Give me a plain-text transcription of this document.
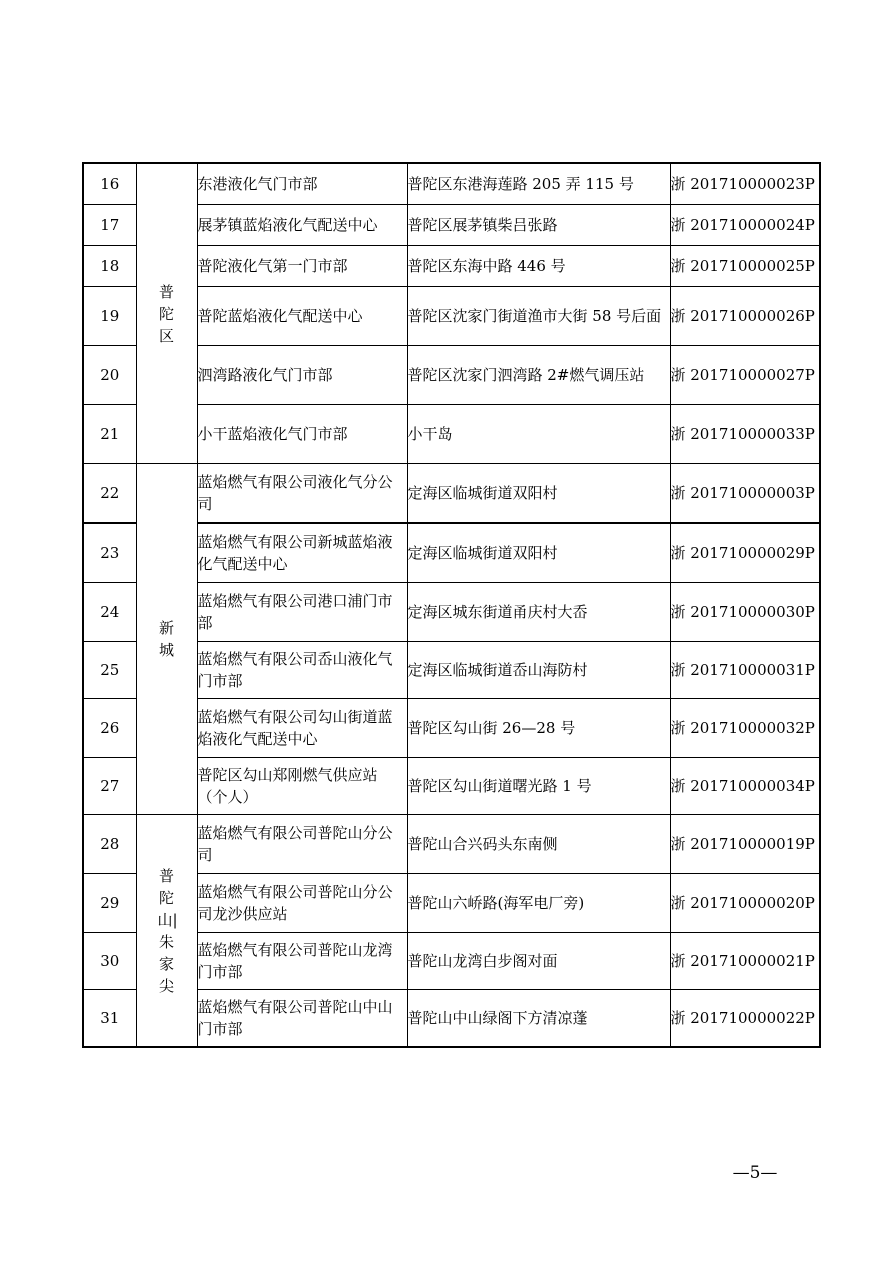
16	普陀区	东港液化气门市部	普陀区东港海莲路 205 弄 115 号	浙 201710000023P
17		展茅镇蓝焰液化气配送中心	普陀区展茅镇柴吕张路	浙 201710000024P
18		普陀液化气第一门市部	普陀区东海中路 446 号	浙 201710000025P
19		普陀蓝焰液化气配送中心	普陀区沈家门街道渔市大街 58 号后面	浙 201710000026P
20		泗湾路液化气门市部	普陀区沈家门泗湾路 2#燃气调压站	浙 201710000027P
21		小干蓝焰液化气门市部	小干岛	浙 201710000033P
22	新城	蓝焰燃气有限公司液化气分公司	定海区临城街道双阳村	浙 201710000003P
23		蓝焰燃气有限公司新城蓝焰液化气配送中心	定海区临城街道双阳村	浙 201710000029P
24		蓝焰燃气有限公司港口浦门市部	定海区城东街道甬庆村大岙	浙 201710000030P
25		蓝焰燃气有限公司岙山液化气门市部	定海区临城街道岙山海防村	浙 201710000031P
26		蓝焰燃气有限公司勾山街道蓝焰液化气配送中心	普陀区勾山街 26—28 号	浙 201710000032P
27		普陀区勾山郑刚燃气供应站（个人）	普陀区勾山街道曙光路 1 号	浙 201710000034P
28	普陀山|朱家尖	蓝焰燃气有限公司普陀山分公司	普陀山合兴码头东南侧	浙 201710000019P
29		蓝焰燃气有限公司普陀山分公司龙沙供应站	普陀山六峤路(海军电厂旁)	浙 201710000020P
30		蓝焰燃气有限公司普陀山龙湾门市部	普陀山龙湾白步阁对面	浙 201710000021P
31		蓝焰燃气有限公司普陀山中山门市部	普陀山中山绿阁下方清凉蓬	浙 201710000022P
—5—
